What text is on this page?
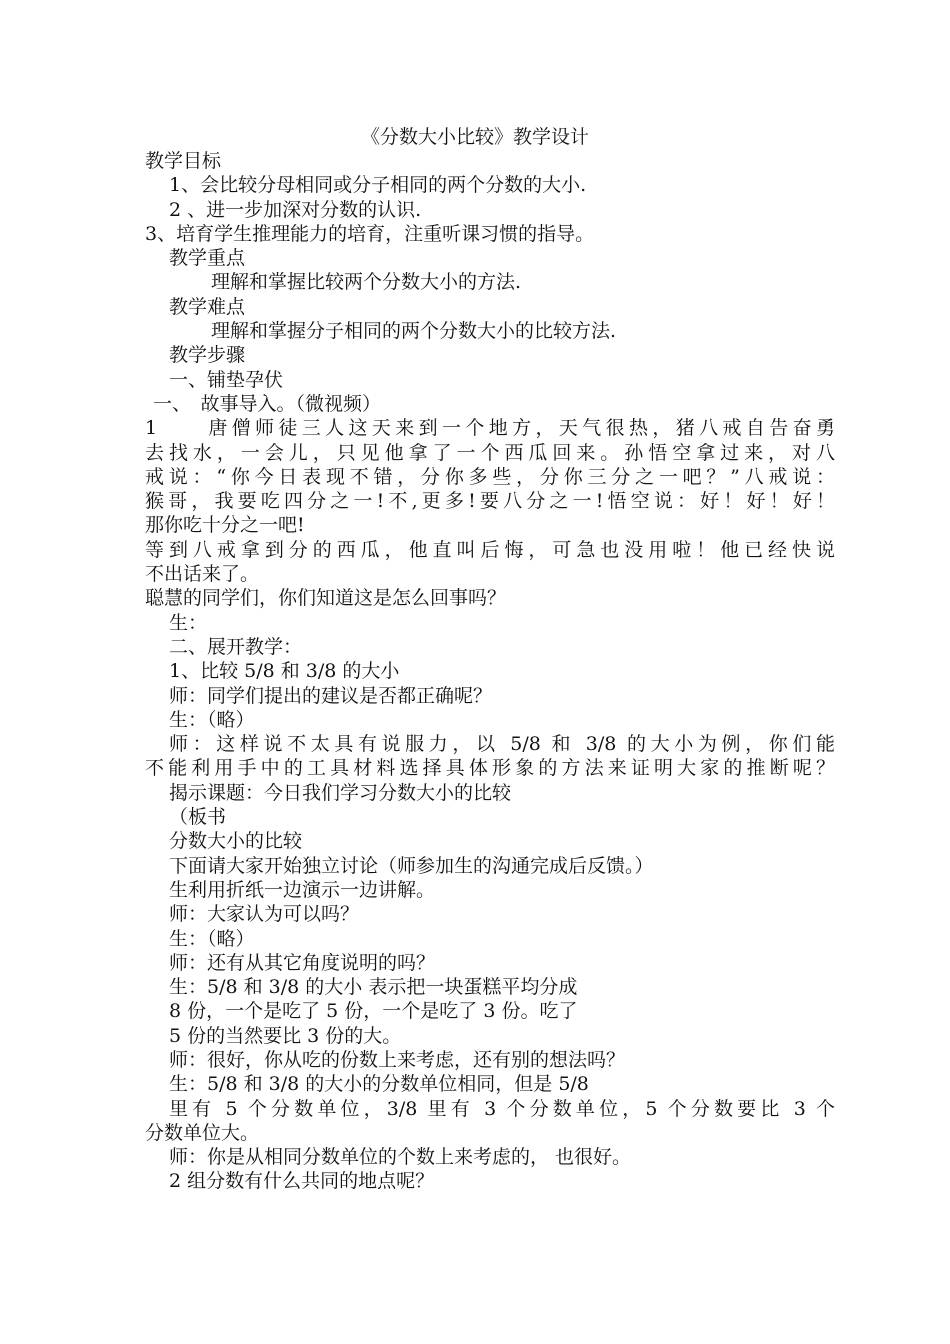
《分数大小比较》教学设计
教学目标
1、会比较分母相同或分子相同的两个分数的大小.
2 、进一步加深对分数的认识.
3、培育学生推理能力的培育，注重听课习惯的指导。
教学重点
理解和掌握比较两个分数大小的方法.
教学难点
理解和掌握分子相同的两个分数大小的比较方法.
教学步骤
一、铺垫孕伏
一、　故事导入。（微视频）
1　　唐僧师徒三人这天来到一个地方，天气很热，猪八戒自告奋勇
去找水，一会儿，只见他拿了一个西瓜回来。孙悟空拿过来，对八
戒说：“你今日表现不错，分你多些，分你三分之一吧？”八戒说：
猴哥，我要吃四分之一!不,更多!要八分之一!悟空说：好！好！好！
那你吃十分之一吧!
等到八戒拿到分的西瓜，他直叫后悔，可急也没用啦！他已经快说
不出话来了。
聪慧的同学们，你们知道这是怎么回事吗？
生：
二、展开教学：
1、比较 5/8 和 3/8 的大小
师：同学们提出的建议是否都正确呢？
生：（略）
师：这样说不太具有说服力，以 5/8 和 3/8 的大小为例，你们能
不能利用手中的工具材料选择具体形象的方法来证明大家的推断呢？
揭示课题：今日我们学习分数大小的比较
（板书
分数大小的比较
下面请大家开始独立讨论（师参加生的沟通完成后反馈。）
生利用折纸一边演示一边讲解。
师：大家认为可以吗？
生：（略）
师：还有从其它角度说明的吗？
生：5/8 和 3/8 的大小 表示把一块蛋糕平均分成
8 份，一个是吃了 5 份，一个是吃了 3 份。吃了
5 份的当然要比 3 份的大。
师：很好，你从吃的份数上来考虑，还有别的想法吗？
生：5/8 和 3/8 的大小的分数单位相同，但是 5/8
里有 5 个分数单位，3/8 里有 3 个分数单位，5 个分数要比 3 个
分数单位大。
师：你是从相同分数单位的个数上来考虑的， 也很好。
2 组分数有什么共同的地点呢？
